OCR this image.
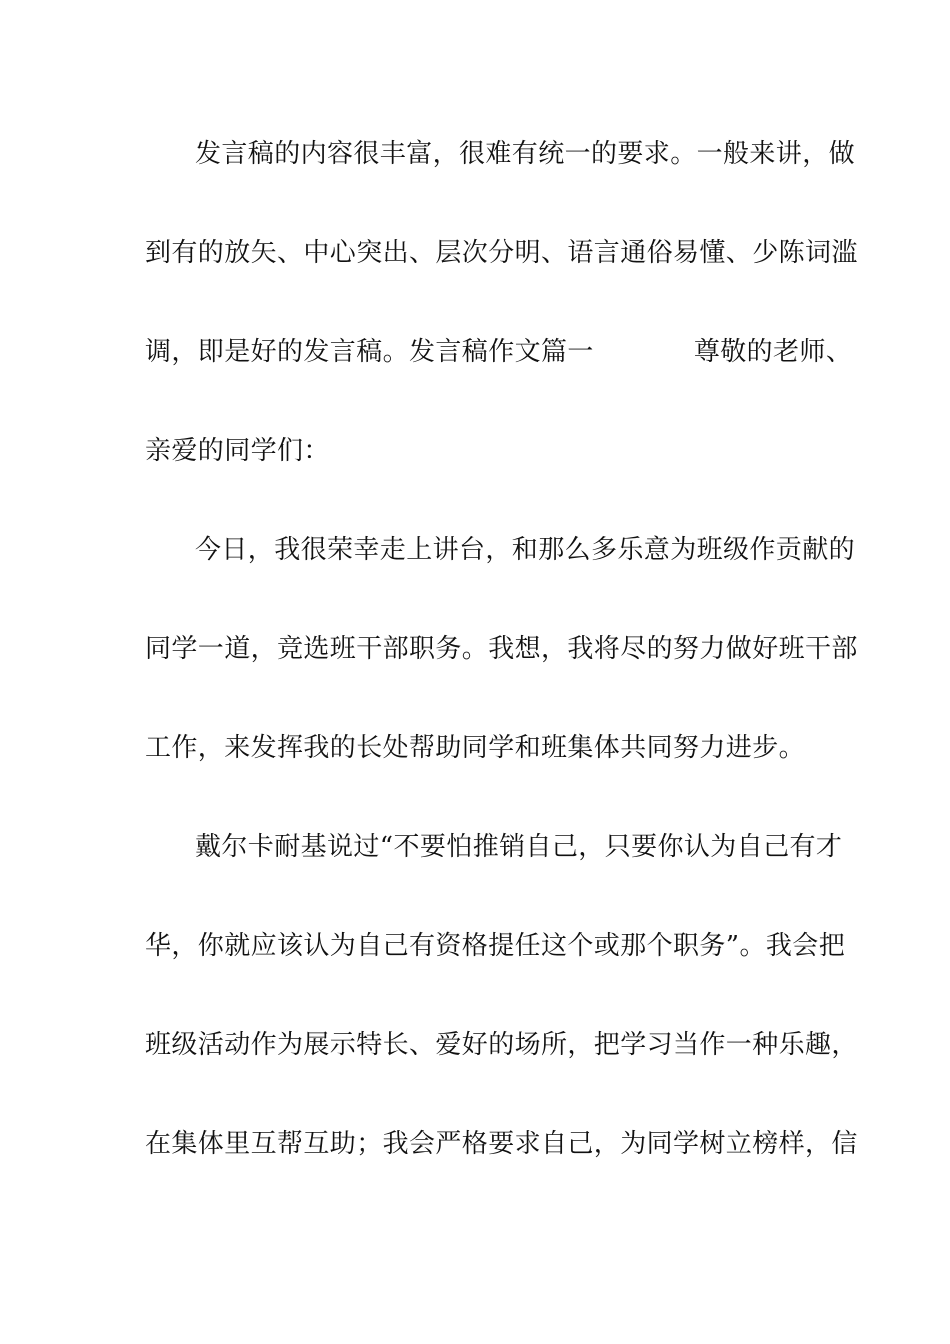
发言稿的内容很丰富，很难有统一的要求。一般来讲，做
到有的放矢、中心突出、层次分明、语言通俗易懂、少陈词滥
调，即是好的发言稿。发言稿作文篇一	尊敬的老师、
亲爱的同学们：
今日，我很荣幸走上讲台，和那么多乐意为班级作贡献的
同学一道，竞选班干部职务。我想，我将尽的努力做好班干部
工作，来发挥我的长处帮助同学和班集体共同努力进步。
戴尔卡耐基说过“不要怕推销自己，只要你认为自己有才
华，你就应该认为自己有资格提任这个或那个职务”。我会把
班级活动作为展示特长、爱好的场所，把学习当作一种乐趣，
在集体里互帮互助；我会严格要求自己，为同学树立榜样，信
